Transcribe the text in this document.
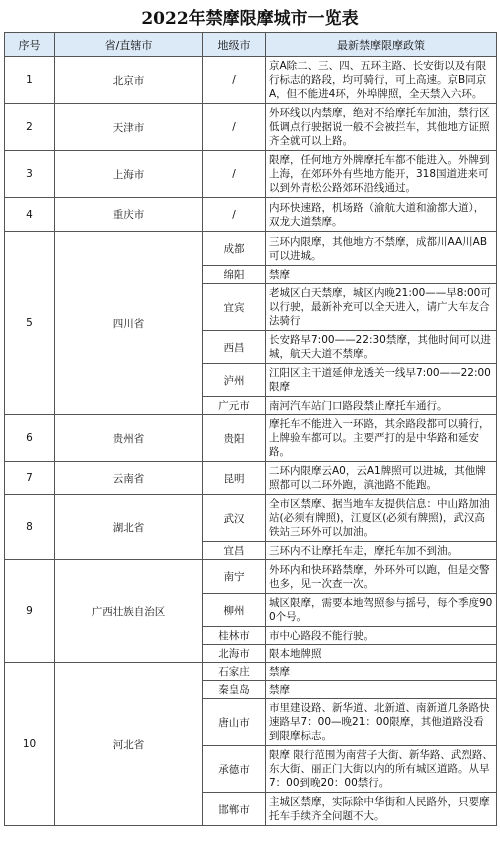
2022年禁摩限摩城市一览表
序号	省/直辖市	地级市	最新禁摩限摩政策
1	北京市	/	京A除二、三、四、五环主路、长安街以及有限行标志的路段，均可骑行，可上高速。京B同京A，但不能进4环，外埠牌照，全天禁入六环。
2	天津市	/	外环线以内禁摩，绝对不给摩托车加油，禁行区低调点行驶据说一般不会被拦车，其他地方证照齐全就可以上路。
3	上海市	/	限摩，任何地方外牌摩托车都不能进入。外牌到上海，在郊环外有些地方能开，318国道进来可以到外青松公路郊环沿线通过。
4	重庆市	/	内环快速路，机场路（渝航大道和渝都大道），双龙大道禁摩。
5	四川省	成都	三环内限摩，其他地方不禁摩，成都川AA川AB可以进城。
		绵阳	禁摩
		宜宾	老城区白天禁摩，城区内晚21:00——早8:00可以行驶，最新补充可以全天进入，请广大车友合法骑行
		西昌	长安路早7:00——22:30禁摩，其他时间可以进城，航天大道不禁摩。
		泸州	江阳区主干道延伸龙透关一线早7:00——22:00限摩
		广元市	南河汽车站门口路段禁止摩托车通行。
6	贵州省	贵阳	摩托车不能进入一环路，其余路段都可以骑行，上牌验车都可以。主要严打的是中华路和延安路。
7	云南省	昆明	二环内限摩云A0，云A1牌照可以进城，其他牌照都可以二环外跑，滇池路不能跑。
8	湖北省	武汉	全市区禁摩、据当地车友提供信息：中山路加油站(必须有牌照)，江夏区(必须有牌照)，武汉高铁站三环外可以加油。
		宜昌	三环内不让摩托车走，摩托车加不到油。
9	广西壮族自治区	南宁	外环内和快环路禁摩，外环外可以跑，但是交警也多，见一次查一次。
		柳州	城区限摩，需要本地驾照参与摇号，每个季度900个号。
		桂林市	市中心路段不能行驶。
		北海市	限本地牌照
10	河北省	石家庄	禁摩
		秦皇岛	禁摩
		唐山市	市里建设路、新华道、北新道、南新道几条路快速路早7：00—晚21：00限摩，其他道路没看到限摩标志。
		承德市	限摩 限行范围为南营子大街、新华路、武烈路、东大街、丽正门大街以内的所有城区道路。从早7：00到晚20：00禁行。
		邯郸市	主城区禁摩，实际除中华街和人民路外，只要摩托车手续齐全问题不大。
